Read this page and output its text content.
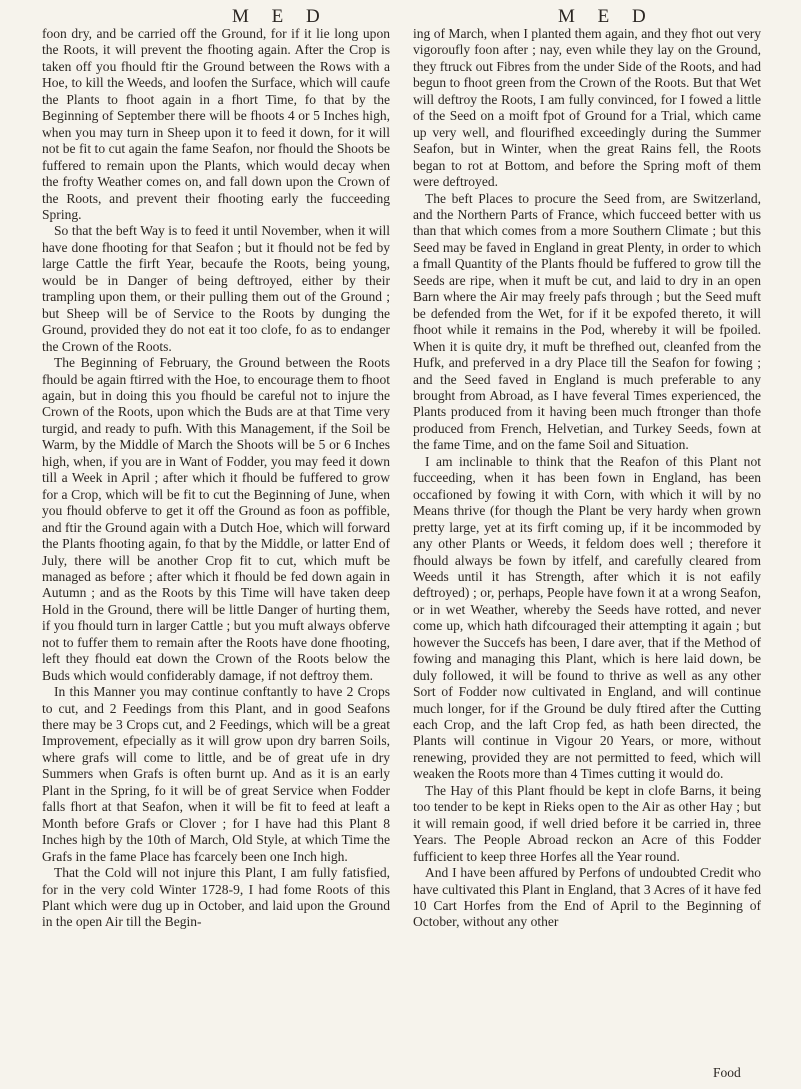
M E D	M E D

foon dry, and be carried off the Ground, for if it lie long upon the Roots, it will prevent the fhooting again. After the Crop is taken off you fhould ftir the Ground between the Rows with a Hoe, to kill the Weeds, and loofen the Surface, which will caufe the Plants to fhoot again in a fhort Time, fo that by the Beginning of September there will be fhoots 4 or 5 Inches high, when you may turn in Sheep upon it to feed it down, for it will not be fit to cut again the fame Seafon, nor fhould the Shoots be fuffered to remain upon the Plants, which would decay when the frofty Weather comes on, and fall down upon the Crown of the Roots, and prevent their fhooting early the fucceeding Spring.

So that the beft Way is to feed it until November, when it will have done fhooting for that Seafon ; but it fhould not be fed by large Cattle the firft Year, becaufe the Roots, being young, would be in Danger of being deftroyed, either by their trampling upon them, or their pulling them out of the Ground ; but Sheep will be of Service to the Roots by dunging the Ground, provided they do not eat it too clofe, fo as to endanger the Crown of the Roots.

The Beginning of February, the Ground between the Roots fhould be again ftirred with the Hoe, to encourage them to fhoot again, but in doing this you fhould be careful not to injure the Crown of the Roots, upon which the Buds are at that Time very turgid, and ready to pufh. With this Management, if the Soil be Warm, by the Middle of March the Shoots will be 5 or 6 Inches high, when, if you are in Want of Fodder, you may feed it down till a Week in April ; after which it fhould be fuffered to grow for a Crop, which will be fit to cut the Beginning of June, when you fhould obferve to get it off the Ground as foon as poffible, and ftir the Ground again with a Dutch Hoe, which will forward the Plants fhooting again, fo that by the Middle, or latter End of July, there will be another Crop fit to cut, which muft be managed as before ; after which it fhould be fed down again in Autumn ; and as the Roots by this Time will have taken deep Hold in the Ground, there will be little Danger of hurting them, if you fhould turn in larger Cattle ; but you muft always obferve not to fuffer them to remain after the Roots have done fhooting, left they fhould eat down the Crown of the Roots below the Buds which would confiderably damage, if not deftroy them.

In this Manner you may continue conftantly to have 2 Crops to cut, and 2 Feedings from this Plant, and in good Seafons there may be 3 Crops cut, and 2 Feedings, which will be a great Improvement, efpecially as it will grow upon dry barren Soils, where grafs will come to little, and be of great ufe in dry Summers when Grafs is often burnt up. And as it is an early Plant in the Spring, fo it will be of great Service when Fodder falls fhort at that Seafon, when it will be fit to feed at leaft a Month before Grafs or Clover ; for I have had this Plant 8 Inches high by the 10th of March, Old Style, at which Time the Grafs in the fame Place has fcarcely been one Inch high.

That the Cold will not injure this Plant, I am fully fatisfied, for in the very cold Winter 1728-9, I had fome Roots of this Plant which were dug up in October, and laid upon the Ground in the open Air till the Begin-

ing of March, when I planted them again, and they fhot out very vigoroufly foon after ; nay, even while they lay on the Ground, they ftruck out Fibres from the under Side of the Roots, and had begun to fhoot green from the Crown of the Roots. But that Wet will deftroy the Roots, I am fully convinced, for I fowed a little of the Seed on a moift fpot of Ground for a Trial, which came up very well, and flourifhed exceedingly during the Summer Seafon, but in Winter, when the great Rains fell, the Roots began to rot at Bottom, and before the Spring moft of them were deftroyed.

The beft Places to procure the Seed from, are Switzerland, and the Northern Parts of France, which fucceed better with us than that which comes from a more Southern Climate ; but this Seed may be faved in England in great Plenty, in order to which a fmall Quantity of the Plants fhould be fuffered to grow till the Seeds are ripe, when it muft be cut, and laid to dry in an open Barn where the Air may freely pafs through ; but the Seed muft be defended from the Wet, for if it be expofed thereto, it will fhoot while it remains in the Pod, whereby it will be fpoiled. When it is quite dry, it muft be threfhed out, cleanfed from the Hufk, and preferved in a dry Place till the Seafon for fowing ; and the Seed faved in England is much preferable to any brought from Abroad, as I have feveral Times experienced, the Plants produced from it having been much ftronger than thofe produced from French, Helvetian, and Turkey Seeds, fown at the fame Time, and on the fame Soil and Situation.

I am inclinable to think that the Reafon of this Plant not fucceeding, when it has been fown in England, has been occafioned by fowing it with Corn, with which it will by no Means thrive (for though the Plant be very hardy when grown pretty large, yet at its firft coming up, if it be incommoded by any other Plants or Weeds, it feldom does well ; therefore it fhould always be fown by itfelf, and carefully cleared from Weeds until it has Strength, after which it is not eafily deftroyed) ; or, perhaps, People have fown it at a wrong Seafon, or in wet Weather, whereby the Seeds have rotted, and never come up, which hath difcouraged their attempting it again ; but however the Succefs has been, I dare aver, that if the Method of fowing and managing this Plant, which is here laid down, be duly followed, it will be found to thrive as well as any other Sort of Fodder now cultivated in England, and will continue much longer, for if the Ground be duly ftired after the Cutting each Crop, and the laft Crop fed, as hath been directed, the Plants will continue in Vigour 20 Years, or more, without renewing, provided they are not permitted to feed, which will weaken the Roots more than 4 Times cutting it would do.

The Hay of this Plant fhould be kept in clofe Barns, it being too tender to be kept in Rieks open to the Air as other Hay ; but it will remain good, if well dried before it be carried in, three Years. The People Abroad reckon an Acre of this Fodder fufficient to keep three Horfes all the Year round.

And I have been affured by Perfons of undoubted Credit who have cultivated this Plant in England, that 3 Acres of it have fed 10 Cart Horfes from the End of April to the Beginning of October, without any other

Food
